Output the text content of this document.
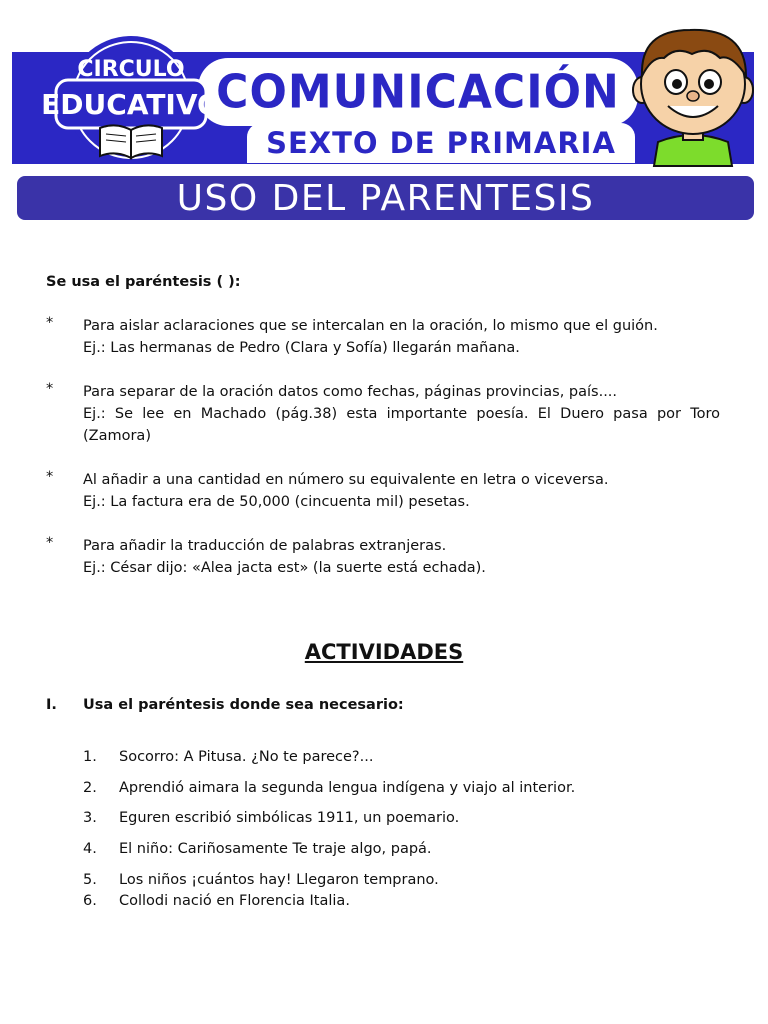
COMUNICACIÓN
SEXTO DE PRIMARIA
CIRCULO
EDUCATIVO
USO DEL PARENTESIS
Se usa el paréntesis ( ):
* Para aislar aclaraciones que se intercalan en la oración, lo mismo que el guión.
Ej.: Las hermanas de Pedro (Clara y Sofía) llegarán mañana.
* Para separar de la oración datos como fechas, páginas provincias, país....
Ej.: Se lee en Machado (pág.38) esta importante poesía. El Duero pasa por Toro
(Zamora)
* Al añadir a una cantidad en número su equivalente en letra o viceversa.
Ej.: La factura era de 50,000 (cincuenta mil) pesetas.
* Para añadir la traducción de palabras extranjeras.
Ej.: César dijo: «Alea jacta est» (la suerte está echada).
ACTIVIDADES
I. Usa el paréntesis donde sea necesario:
1. Socorro: A Pitusa. ¿No te parece?...
2. Aprendió aimara la segunda lengua indígena y viajo al interior.
3. Eguren escribió simbólicas 1911, un poemario.
4. El niño: Cariñosamente Te traje algo, papá.
5. Los niños ¡cuántos hay! Llegaron temprano.
6. Collodi nació en Florencia Italia.
